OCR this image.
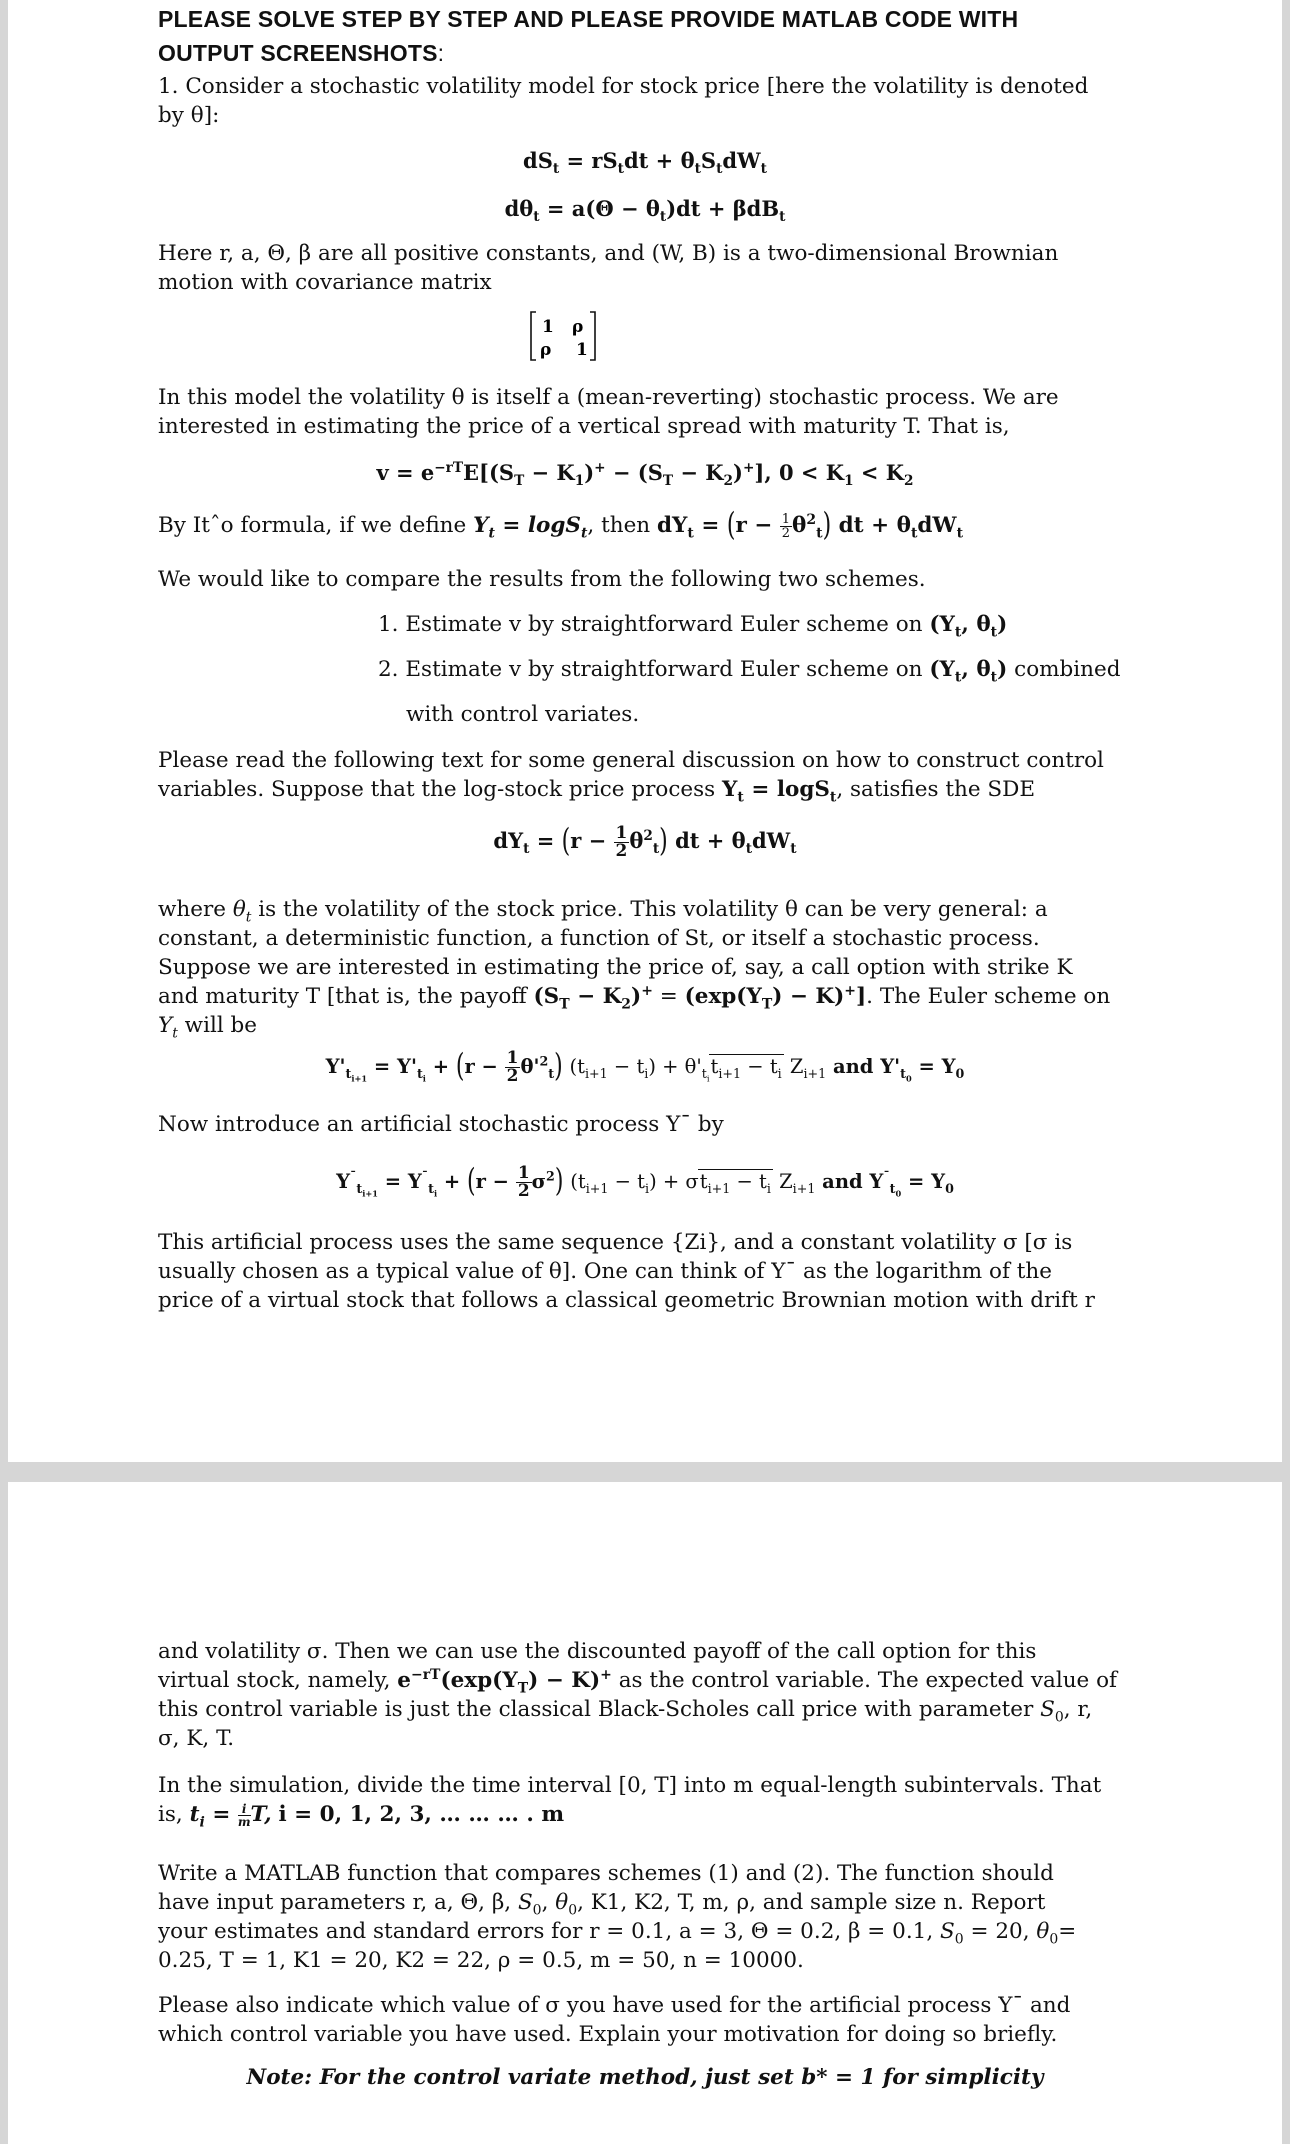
PLEASE SOLVE STEP BY STEP AND PLEASE PROVIDE MATLAB CODE WITH
OUTPUT SCREENSHOTS:
1. Consider a stochastic volatility model for stock price [here the volatility is denoted
by θ]:
$dS_t = rS_tdt + \theta_tS_tdW_t$
$d\theta_t = a(\Theta - \theta_t)dt + \beta dB_t$
Here r, a, Θ, β are all positive constants, and (W, B) is a two-dimensional Brownian
motion with covariance matrix
1 ρ
ρ 1
In this model the volatility θ is itself a (mean-reverting) stochastic process. We are
interested in estimating the price of a vertical spread with maturity T. That is,
$v = e^{-rT}E[(S_T - K_1)^+ - (S_T - K_2)^+]$, $0 < K_1 < K_2$
By Itˆo formula, if we define $Y_t = \log S_t$, then $dY_t = (r - \frac{1}{2} \theta^2_t)$ dt + $\theta_tdW_t$
We would like to compare the results from the following two schemes.
1. Estimate v by straightforward Euler scheme on ($Y_t$, $\theta_t$)
2. Estimate v by straightforward Euler scheme on ($Y_t$, $\theta_t$) combined
with control variates.
Please read the following text for some general discussion on how to construct control
variables. Suppose that the log-stock price process $Y_t = \log S_t$, satisfies the SDE
$dY_t = (r - \frac{1}{2} \theta^2_t)$ dt + $\theta_tdW_t$
where $\theta_t$ is the volatility of the stock price. This volatility θ can be very general: a
constant, a deterministic function, a function of St, or itself a stochastic process.
Suppose we are interested in estimating the price of, say, a call option with strike K
and maturity T [that is, the payoff $(S_T - K_2)^+ = (\exp(Y_T) - K)^+$]. The Euler scheme on
$Y_t$ will be
$Y'_{t_{i+1}} = Y'_{t_i} + (r - \frac{1}{2} \theta'^2_t) (t_{i+1} - t_i) + \theta'_{t_i}t_{i+1} - t_i$ $Z_{i+1}$ and $Y'_{t_0} = Y_0$
Now introduce an artificial stochastic process Y¯ by
$Y^¯_{t_{i+1}} = Y^¯_{t_i} + (r - \frac{1}{2} \sigma^2) (t_{i+1} - t_i) + \sigma t_{i+1} - t_i$ $Z_{i+1}$ and $Y^¯_{t_0} = Y_0$
This artificial process uses the same sequence {Zi}, and a constant volatility σ [σ is
usually chosen as a typical value of θ]. One can think of Y¯ as the logarithm of the
price of a virtual stock that follows a classical geometric Brownian motion with drift r
and volatility σ. Then we can use the discounted payoff of the call option for this
virtual stock, namely, $e^{-rT}(\exp(Y_T) - K)^+$ as the control variable. The expected value of
this control variable is just the classical Black-Scholes call price with parameter $S_0$, r,
σ, K, T.
In the simulation, divide the time interval [0, T] into m equal-length subintervals. That
is, $t_i = \frac{i}{m} T$, i = 0, 1, 2, 3, … … … . m
Write a MATLAB function that compares schemes (1) and (2). The function should
have input parameters r, a, Θ, β, $S_0$, $\theta_0$, K1, K2, T, m, ρ, and sample size n. Report
your estimates and standard errors for r = 0.1, a = 3, Θ = 0.2, β = 0.1, $S_0 = 20$, $\theta_0=$
0.25, T = 1, K1 = 20, K2 = 22, ρ = 0.5, m = 50, n = 10000.
Please also indicate which value of σ you have used for the artificial process Y¯ and
which control variable you have used. Explain your motivation for doing so briefly.
Note: For the control variate method, just set b* = 1 for simplicity
